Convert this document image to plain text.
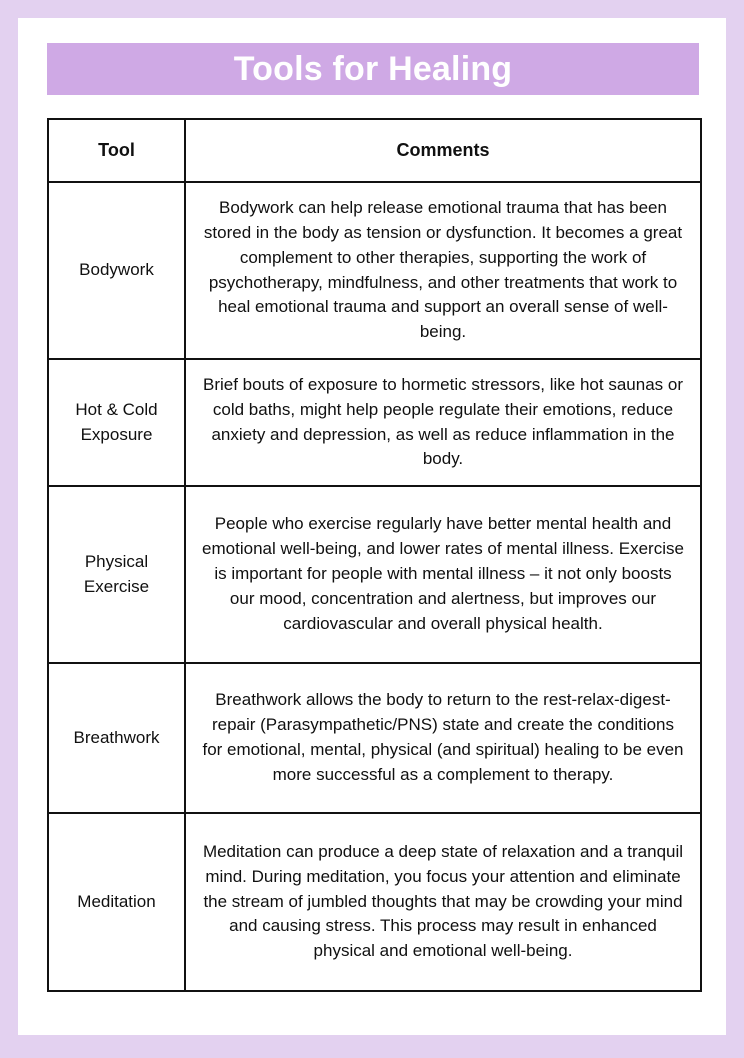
Tools for Healing
Tool	Comments
Bodywork	Bodywork can help release emotional trauma that has been stored in the body as tension or dysfunction. It becomes a great complement to other therapies, supporting the work of psychotherapy, mindfulness, and other treatments that work to heal emotional trauma and support an overall sense of well-being.
Hot & Cold Exposure	Brief bouts of exposure to hormetic stressors, like hot saunas or cold baths, might help people regulate their emotions, reduce anxiety and depression, as well as reduce inflammation in the body.
Physical Exercise	People who exercise regularly have better mental health and emotional well-being, and lower rates of mental illness. Exercise is important for people with mental illness – it not only boosts our mood, concentration and alertness, but improves our cardiovascular and overall physical health.
Breathwork	Breathwork allows the body to return to the rest-relax-digest-repair (Parasympathetic/PNS) state and create the conditions for emotional, mental, physical (and spiritual) healing to be even more successful as a complement to therapy.
Meditation	Meditation can produce a deep state of relaxation and a tranquil mind. During meditation, you focus your attention and eliminate the stream of jumbled thoughts that may be crowding your mind and causing stress. This process may result in enhanced physical and emotional well-being.
